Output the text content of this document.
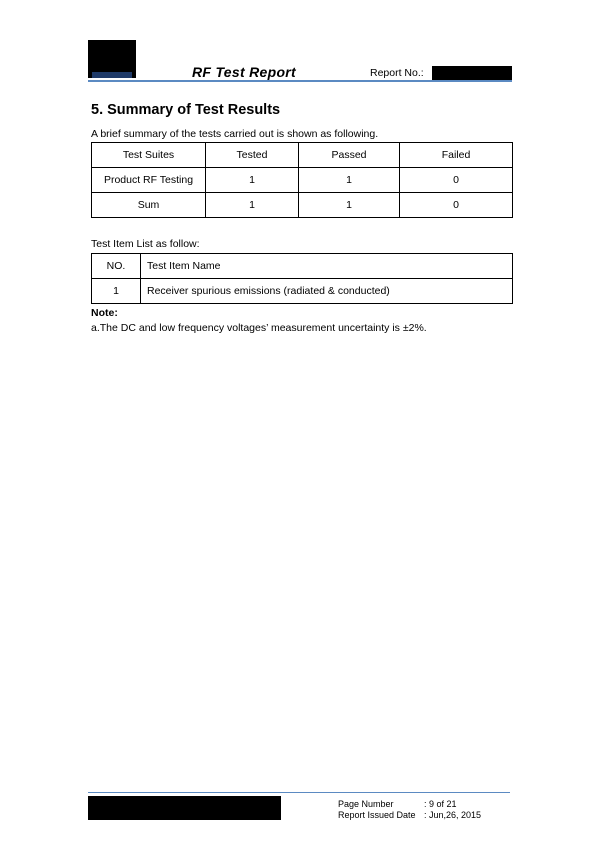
RF Test Report	Report No.:
5. Summary of Test Results
A brief summary of the tests carried out is shown as following.
Test Suites	Tested	Passed	Failed
Product RF Testing	1	1	0
Sum	1	1	0
Test Item List as follow:
NO.	Test Item Name
1	Receiver spurious emissions (radiated & conducted)
Note:
a.The DC and low frequency voltages’ measurement uncertainty is ±2%.
Page Number	: 9 of 21
Report Issued Date : Jun,26, 2015
